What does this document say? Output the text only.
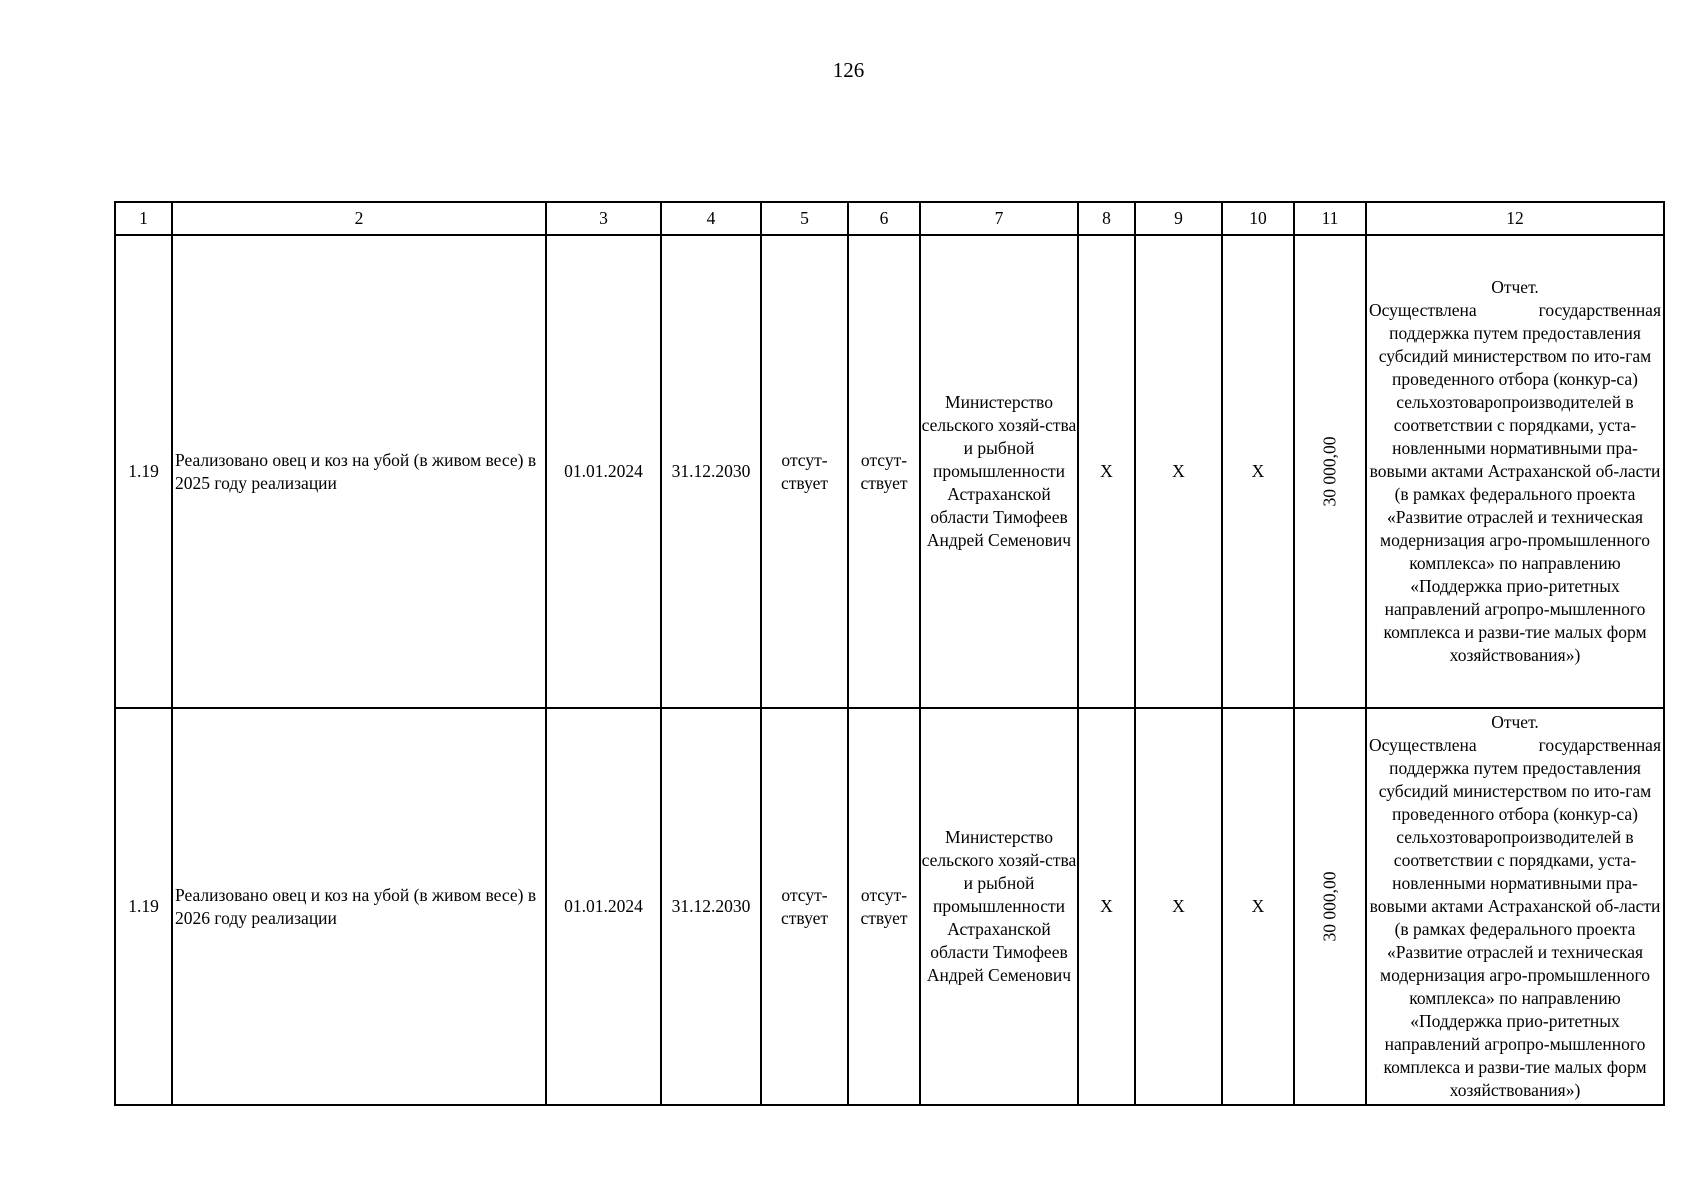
126
1	2	3	4	5	6	7	8	9	10	11	12
1.19	Реализовано овец и коз на убой (в живом весе) в 2025 году реализации	01.01.2024	31.12.2030	отсут-ствует	отсут-ствует	Министерство сельского хозяй-ства и рыбной промышленности Астраханской области Тимофеев Андрей Семенович	Х	Х	Х	30 000,00	Отчет.
Осуществлена государственная
поддержка путем предоставления субсидий министерством по ито-гам проведенного отбора (конкур-са) сельхозтоваропроизводителей в соответствии с порядками, уста-новленными нормативными пра-вовыми актами Астраханской об-ласти (в рамках федерального проекта «Развитие отраслей и техническая модернизация агро-промышленного комплекса» по направлению «Поддержка прио-ритетных направлений агропро-мышленного комплекса и разви-тие малых форм хозяйствования»)
1.19	Реализовано овец и коз на убой (в живом весе) в 2026 году реализации	01.01.2024	31.12.2030	отсут-ствует	отсут-ствует	Министерство сельского хозяй-ства и рыбной промышленности Астраханской области Тимофеев Андрей Семенович	Х	Х	Х	30 000,00	Отчет.
Осуществлена государственная
поддержка путем предоставления субсидий министерством по ито-гам проведенного отбора (конкур-са) сельхозтоваропроизводителей в соответствии с порядками, уста-новленными нормативными пра-вовыми актами Астраханской об-ласти (в рамках федерального проекта «Развитие отраслей и техническая модернизация агро-промышленного комплекса» по направлению «Поддержка прио-ритетных направлений агропро-мышленного комплекса и разви-тие малых форм хозяйствования»)
